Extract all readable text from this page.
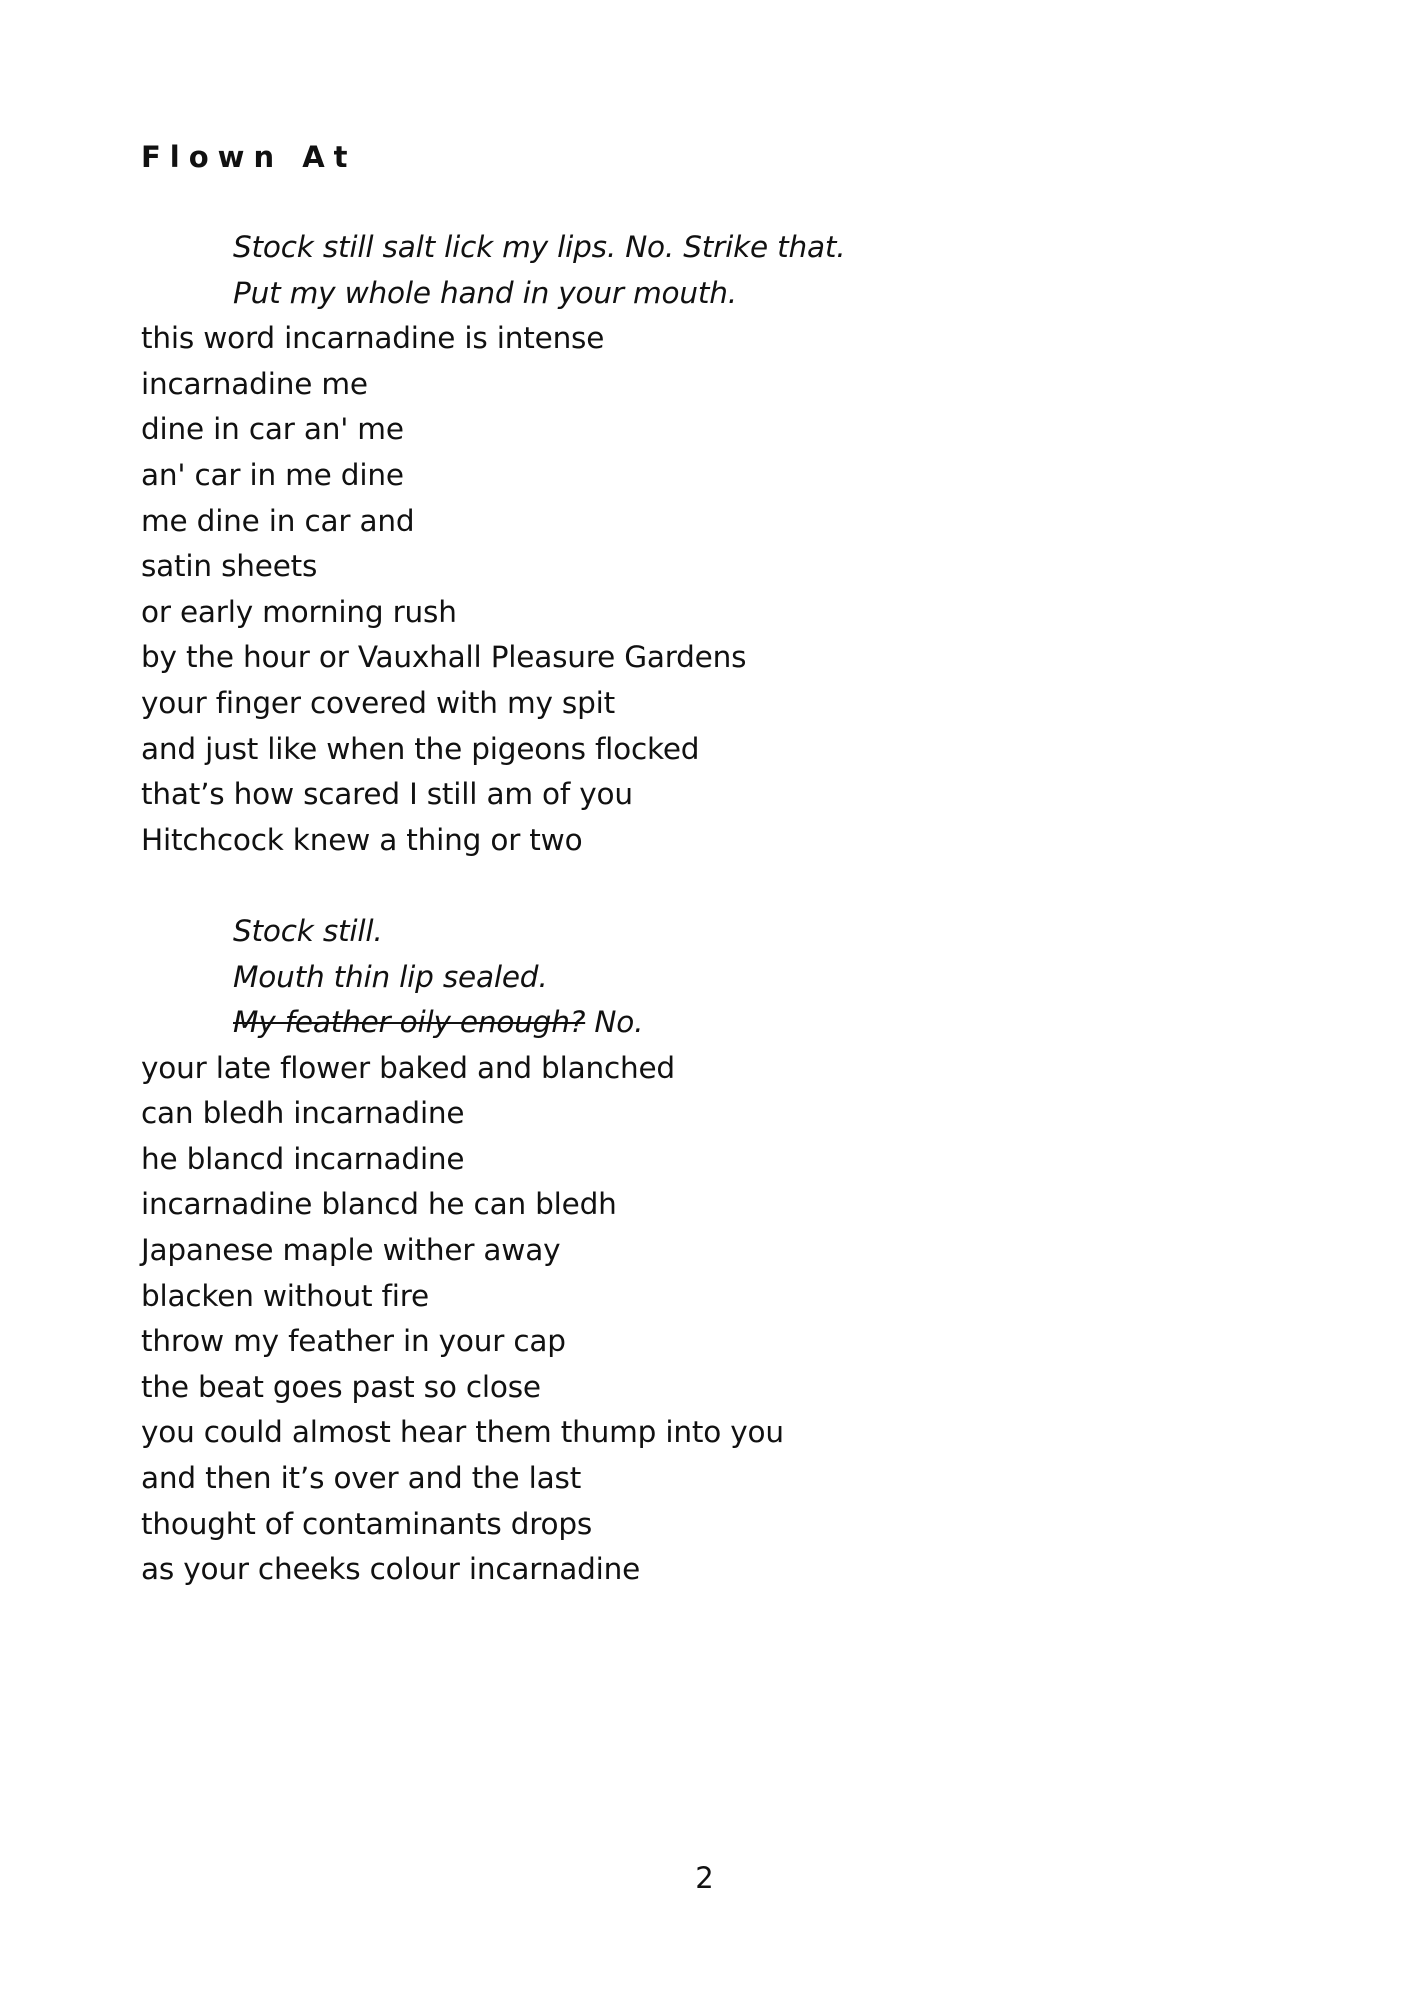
Flown At
Stock still salt lick my lips. No. Strike that.
Put my whole hand in your mouth.
this word incarnadine is intense
incarnadine me
dine in car an' me
an' car in me dine
me dine in car and
satin sheets
or early morning rush
by the hour or Vauxhall Pleasure Gardens
your finger covered with my spit
and just like when the pigeons flocked
that’s how scared I still am of you
Hitchcock knew a thing or two
Stock still.
Mouth thin lip sealed.
My feather oily enough? No.
your late flower baked and blanched
can bledh incarnadine
he blancd incarnadine
incarnadine blancd he can bledh
Japanese maple wither away
blacken without fire
throw my feather in your cap
the beat goes past so close
you could almost hear them thump into you
and then it’s over and the last
thought of contaminants drops
as your cheeks colour incarnadine
2
